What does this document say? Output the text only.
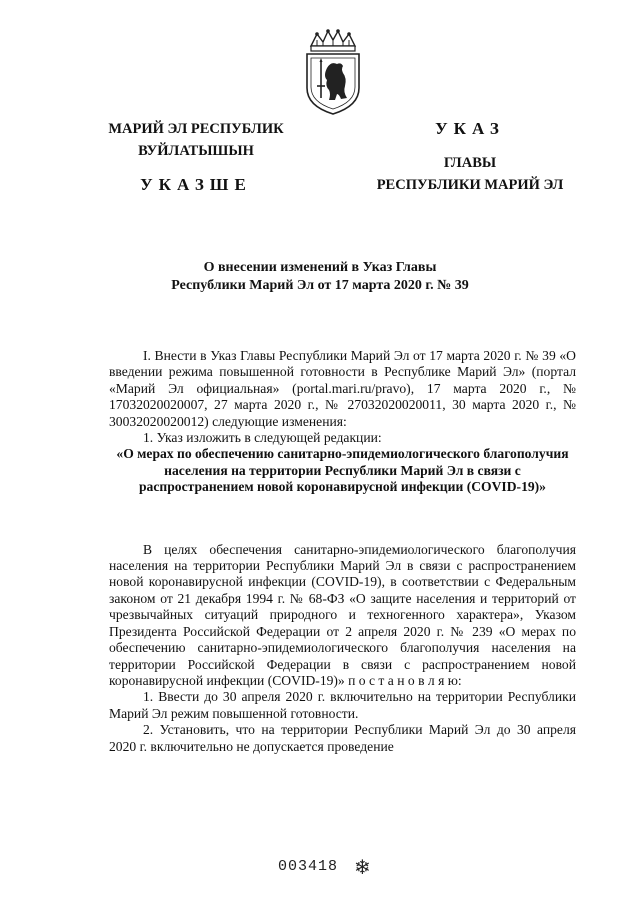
МАРИЙ ЭЛ РЕСПУБЛИК
ВУЙЛАТЫШЫН
УКАЗШЕ
УКАЗ
ГЛАВЫ
РЕСПУБЛИКИ МАРИЙ ЭЛ
О внесении изменений в Указ Главы
Республики Марий Эл от 17 марта 2020 г. № 39

I. Внести в Указ Главы Республики Марий Эл от 17 марта 2020 г. № 39 «О введении режима повышенной готовности в Республике Марий Эл» (портал «Марий Эл официальная» (portal.mari.ru/pravo), 17 марта 2020 г., № 17032020020007, 27 марта 2020 г., № 27032020020011, 30 марта 2020 г., № 30032020020012) следующие изменения:

1. Указ изложить в следующей редакции:

«О мерах по обеспечению санитарно-эпидемиологического благополучия населения на территории Республики Марий Эл в связи с распространением новой коронавирусной инфекции (COVID-19)»

В целях обеспечения санитарно-эпидемиологического благополучия населения на территории Республики Марий Эл в связи с распространением новой коронавирусной инфекции (COVID-19), в соответствии с Федеральным законом от 21 декабря 1994 г. № 68-ФЗ «О защите населения и территорий от чрезвычайных ситуаций природного и техногенного характера», Указом Президента Российской Федерации от 2 апреля 2020 г. № 239 «О мерах по обеспечению санитарно-эпидемиологического благополучия населения на территории Российской Федерации в связи с распространением новой коронавирусной инфекции (COVID-19)» п о с т а н о в л я ю:

1. Ввести до 30 апреля 2020 г. включительно на территории Республики Марий Эл режим повышенной готовности.

2. Установить, что на территории Республики Марий Эл до 30 апреля 2020 г. включительно не допускается проведение

003418 ❄
